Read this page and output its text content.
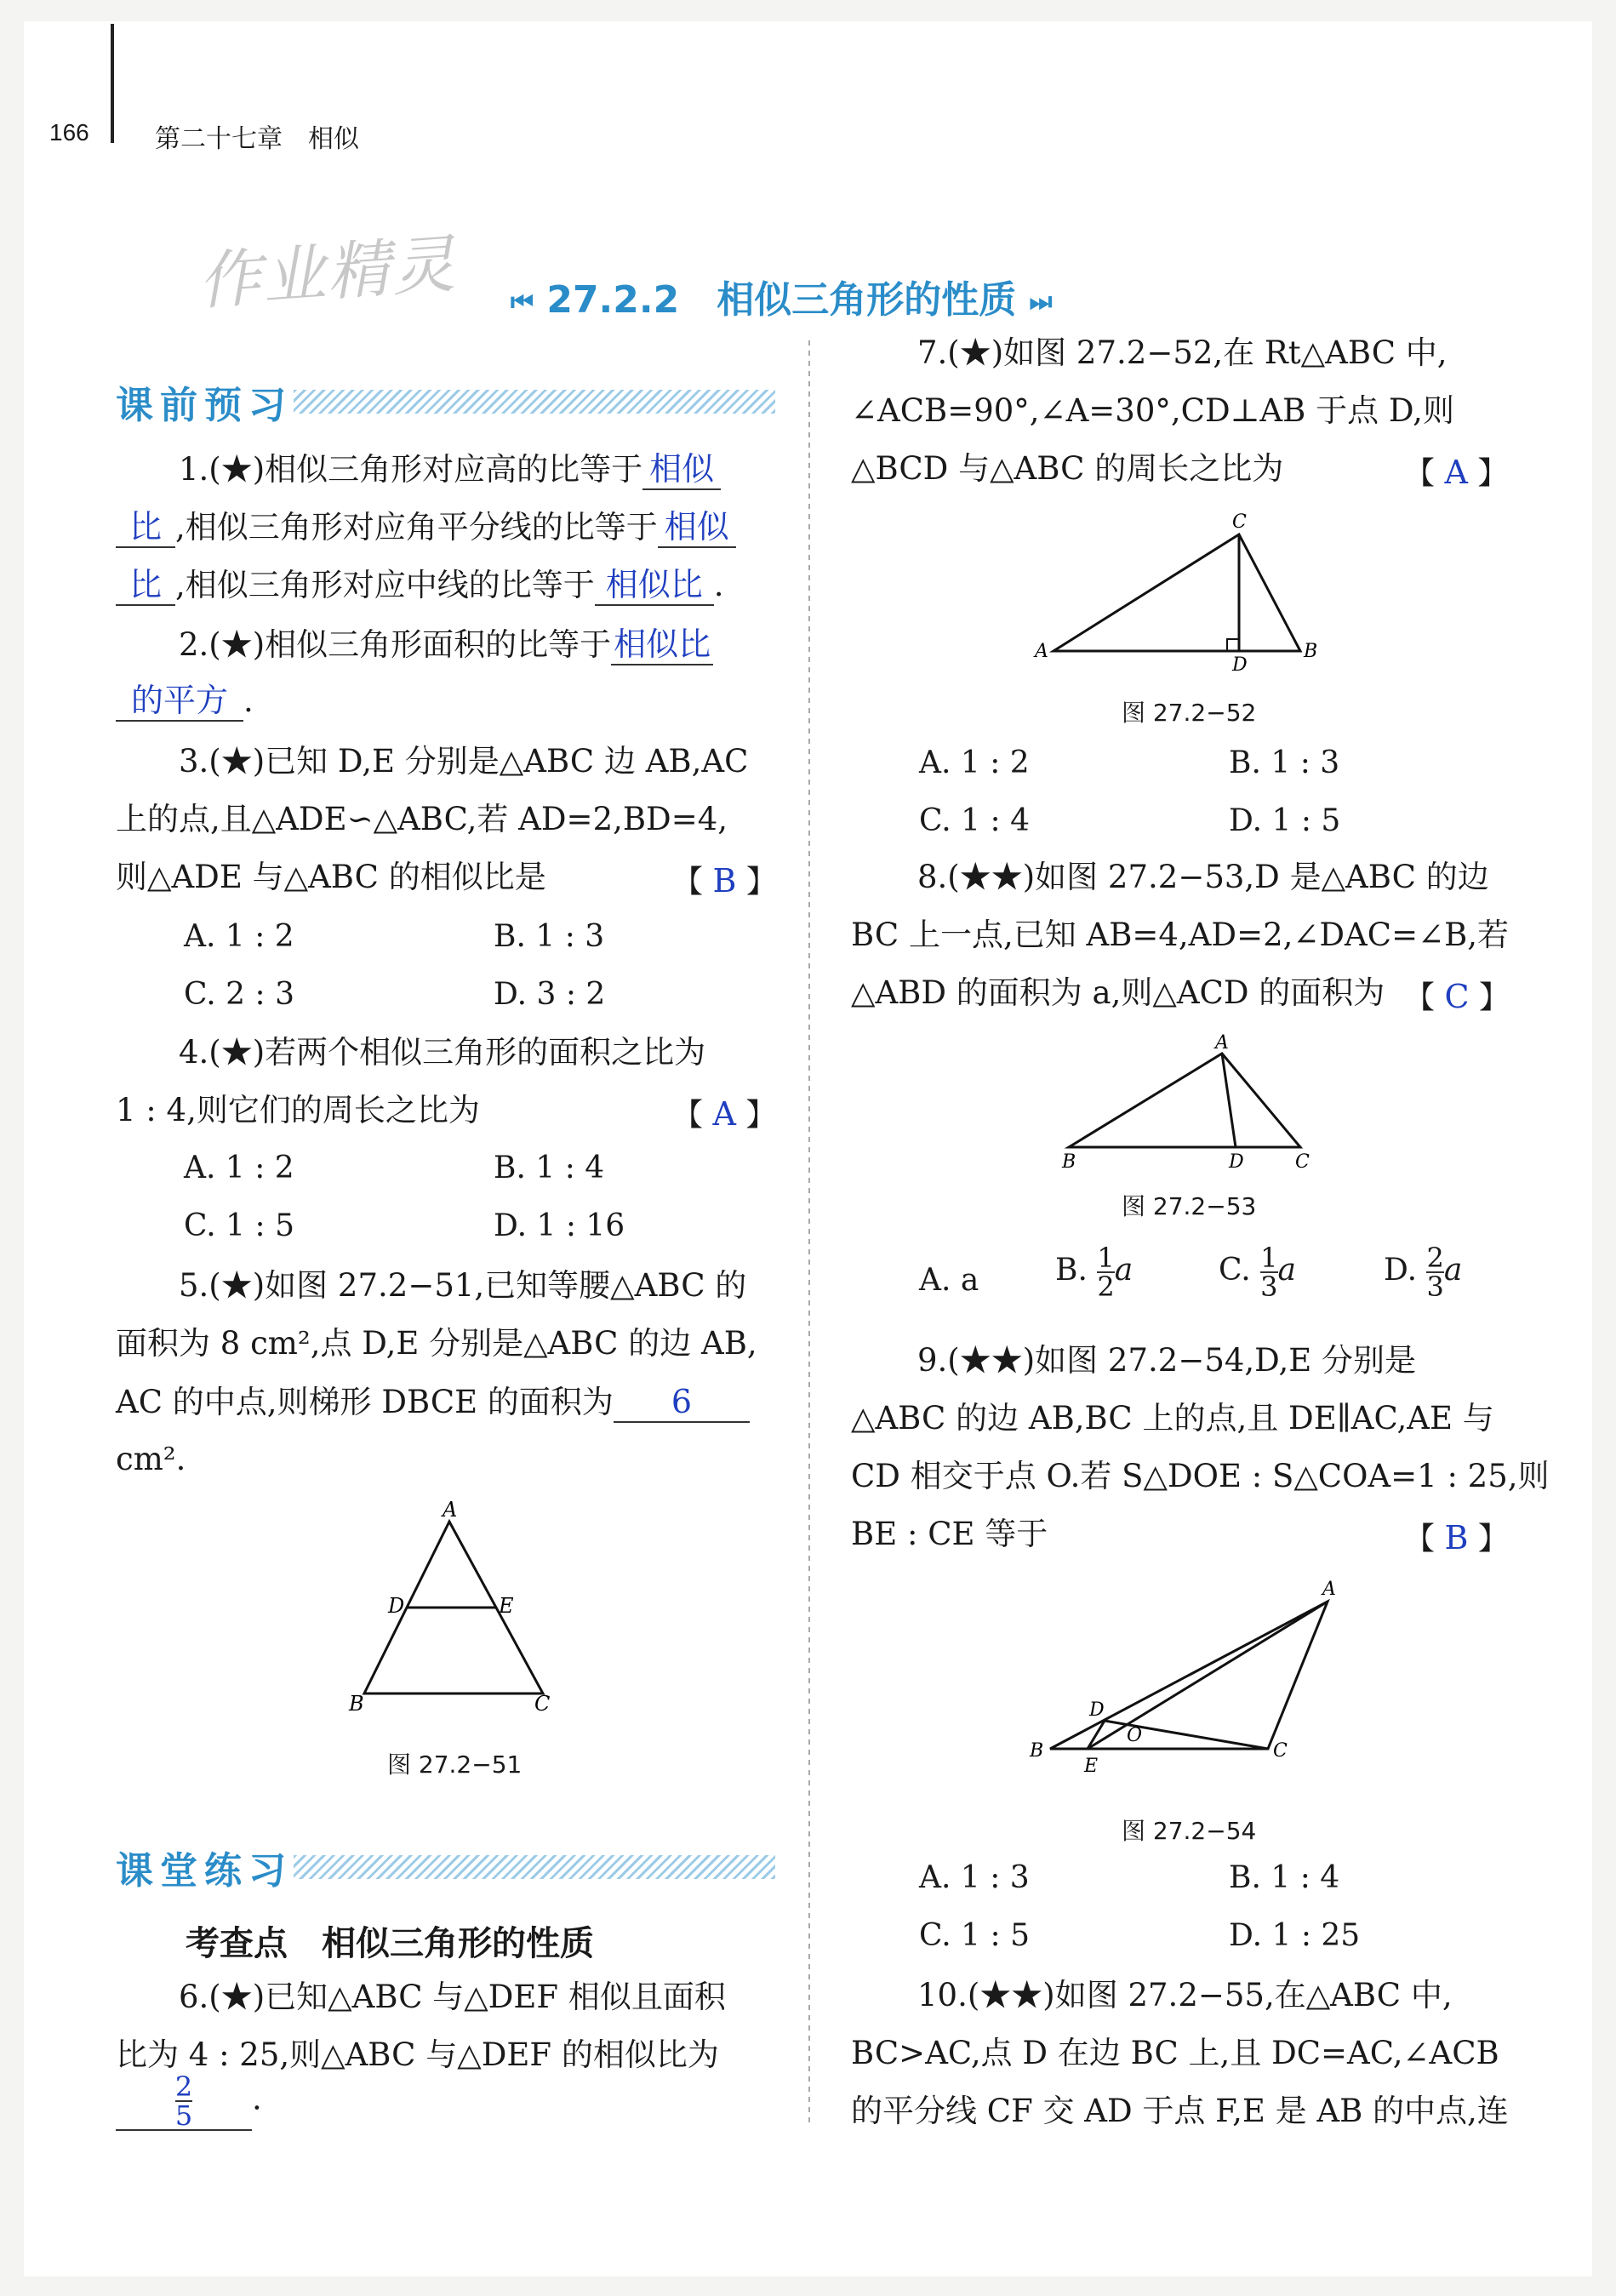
166	第二十七章　相似
作业精灵 ⏮ 27.2.2　相似三角形的性质 ⏭
课前预习
1.(★)相似三角形对应高的比等于 相似
比 ,相似三角形对应角平分线的比等于 相似
比 ,相似三角形对应中线的比等于 相似比 .
2.(★)相似三角形面积的比等于相似比
的平方 .
3.(★)已知 D,E 分别是△ABC 边 AB,AC
上的点,且△ADE∽△ABC,若 AD=2,BD=4,
则△ADE 与△ABC 的相似比是	【 B 】
A. 1 : 2	B. 1 : 3
C. 2 : 3	D. 3 : 2
4.(★)若两个相似三角形的面积之比为
1 : 4,则它们的周长之比为	【 A 】
A. 1 : 2	B. 1 : 4
C. 1 : 5	D. 1 : 16
5.(★)如图 27.2−51,已知等腰△ABC 的
面积为 8 cm²,点 D,E 分别是△ABC 的边 AB,
AC 的中点,则梯形 DBCE 的面积为 6
cm².
A
B	C
D	E
图 27.2−51
课堂练习
考查点　相似三角形的性质
6.(★)已知△ABC 与△DEF 相似且面积
比为 4 : 25,则△ABC 与△DEF 的相似比为
$\frac{2}{5}$ .
7.(★)如图 27.2−52,在 Rt△ABC 中,
∠ACB=90°,∠A=30°,CD⊥AB 于点 D,则
△BCD 与△ABC 的周长之比为	【 A 】
A	B
C
D
图 27.2−52
A. 1 : 2	B. 1 : 3
C. 1 : 4	D. 1 : 5
8.(★★)如图 27.2−53,D 是△ABC 的边
BC 上一点,已知 AB=4,AD=2,∠DAC=∠B,若
△ABD 的面积为 a,则△ACD 的面积为 【 C 】
A
B	C
D
图 27.2−53
A. a B. $\frac{1}{2}$ a	C. $\frac{1}{3}$ a	D. $\frac{2}{3}$ a
9.(★★)如图 27.2−54,D,E 分别是
△ABC 的边 AB,BC 上的点,且 DE∥AC,AE 与
CD 相交于点 O.若 S△DOE : S△COA=1 : 25,则
BE : CE 等于	【 B 】
A
B	C
D
E
O
图 27.2−54
A. 1 : 3	B. 1 : 4
C. 1 : 5	D. 1 : 25
10.(★★)如图 27.2−55,在△ABC 中,
BC>AC,点 D 在边 BC 上,且 DC=AC,∠ACB
的平分线 CF 交 AD 于点 F,E 是 AB 的中点,连
